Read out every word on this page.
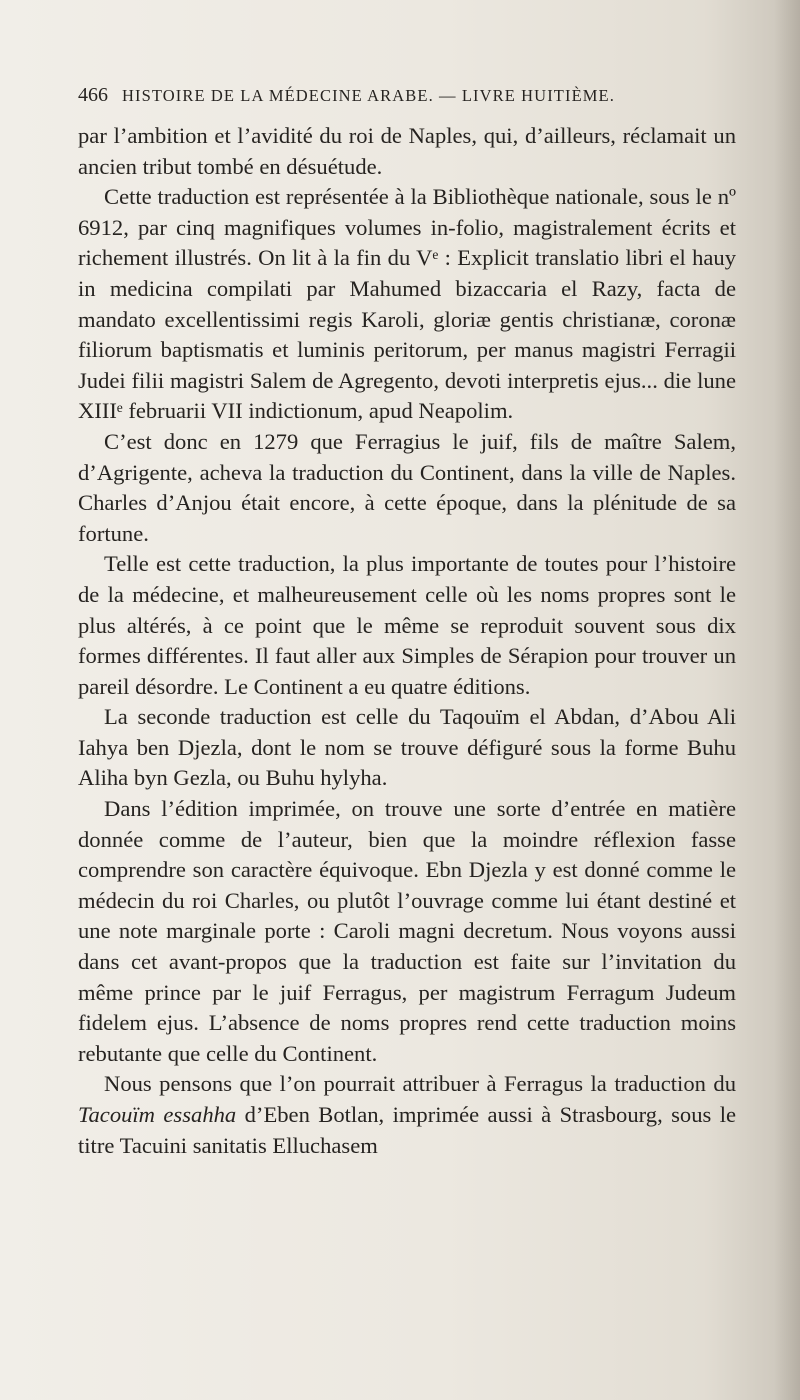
466 HISTOIRE DE LA MÉDECINE ARABE. — LIVRE HUITIÈME.

par l’ambition et l’avidité du roi de Naples, qui, d’ailleurs, réclamait un ancien tribut tombé en désuétude.

Cette traduction est représentée à la Bibliothèque nationale, sous le nº 6912, par cinq magnifiques volumes in-folio, magistralement écrits et richement illustrés. On lit à la fin du Vᵉ : Explicit translatio libri el hauy in medicina compilati par Mahumed bizaccaria el Razy, facta de mandato excellentissimi regis Karoli, gloriæ gentis christianæ, coronæ filiorum baptismatis et luminis peritorum, per manus magistri Ferragii Judei filii magistri Salem de Agregento, devoti interpretis ejus... die lune XIIIᵉ februarii VII indictionum, apud Neapolim.

C’est donc en 1279 que Ferragius le juif, fils de maître Salem, d’Agrigente, acheva la traduction du Continent, dans la ville de Naples. Charles d’Anjou était encore, à cette époque, dans la plénitude de sa fortune.

Telle est cette traduction, la plus importante de toutes pour l’histoire de la médecine, et malheureusement celle où les noms propres sont le plus altérés, à ce point que le même se reproduit souvent sous dix formes différentes. Il faut aller aux Simples de Sérapion pour trouver un pareil désordre. Le Continent a eu quatre éditions.

La seconde traduction est celle du Taqouïm el Abdan, d’Abou Ali Iahya ben Djezla, dont le nom se trouve défiguré sous la forme Buhu Aliha byn Gezla, ou Buhu hylyha.

Dans l’édition imprimée, on trouve une sorte d’entrée en matière donnée comme de l’auteur, bien que la moindre réflexion fasse comprendre son caractère équivoque. Ebn Djezla y est donné comme le médecin du roi Charles, ou plutôt l’ouvrage comme lui étant destiné et une note marginale porte : Caroli magni decretum. Nous voyons aussi dans cet avant-propos que la traduction est faite sur l’invitation du même prince par le juif Ferragus, per magistrum Ferragum Judeum fidelem ejus. L’absence de noms propres rend cette traduction moins rebutante que celle du Continent.

Nous pensons que l’on pourrait attribuer à Ferragus la traduction du Tacouïm essahha d’Eben Botlan, imprimée aussi à Strasbourg, sous le titre Tacuini sanitatis Elluchasem
